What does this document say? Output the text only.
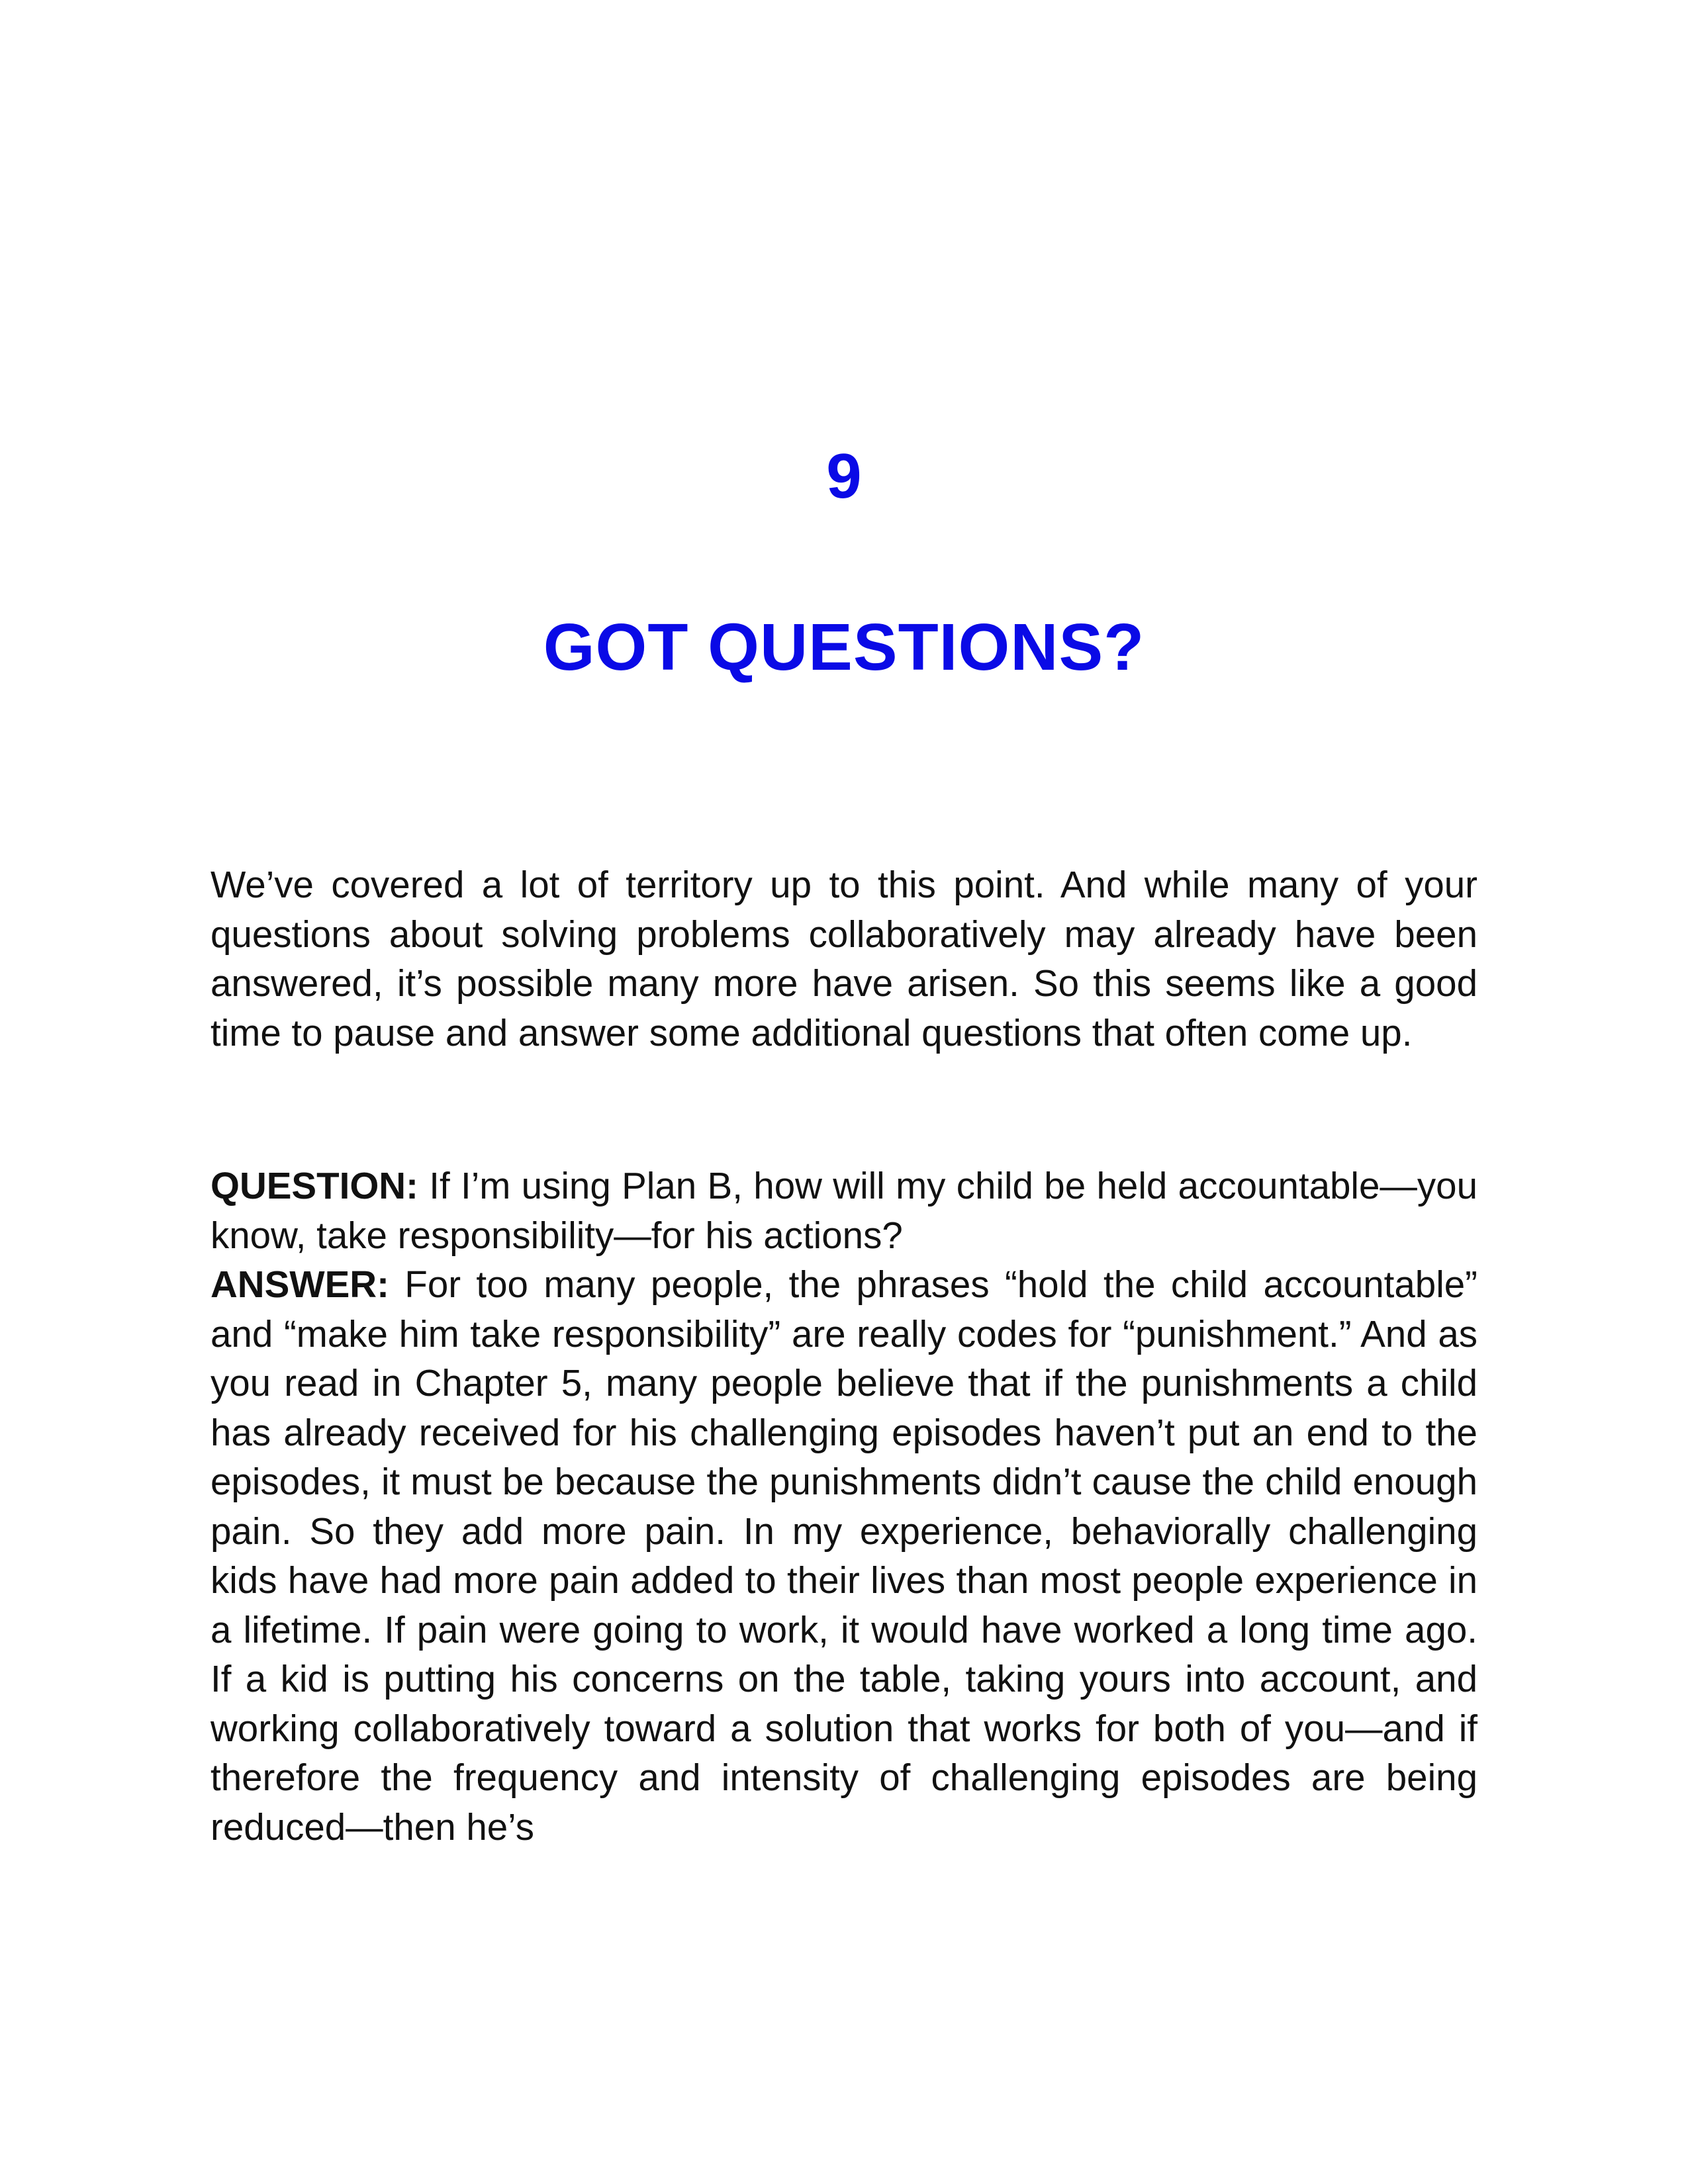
9
GOT QUESTIONS?

We’ve covered a lot of territory up to this point. And while many of your questions about solving problems collaboratively may already have been answered, it’s possible many more have arisen. So this seems like a good time to pause and answer some additional questions that often come up.

QUESTION: If I’m using Plan B, how will my child be held accountable—you know, take responsibility—for his actions?

ANSWER: For too many people, the phrases “hold the child accountable” and “make him take responsibility” are really codes for “punishment.” And as you read in Chapter 5, many people believe that if the punishments a child has already received for his challenging episodes haven’t put an end to the episodes, it must be because the punishments didn’t cause the child enough pain. So they add more pain. In my experience, behaviorally challenging kids have had more pain added to their lives than most people experience in a lifetime. If pain were going to work, it would have worked a long time ago. If a kid is putting his concerns on the table, taking yours into account, and working collaboratively toward a solution that works for both of you—and if therefore the frequency and intensity of challenging episodes are being reduced—then he’s
